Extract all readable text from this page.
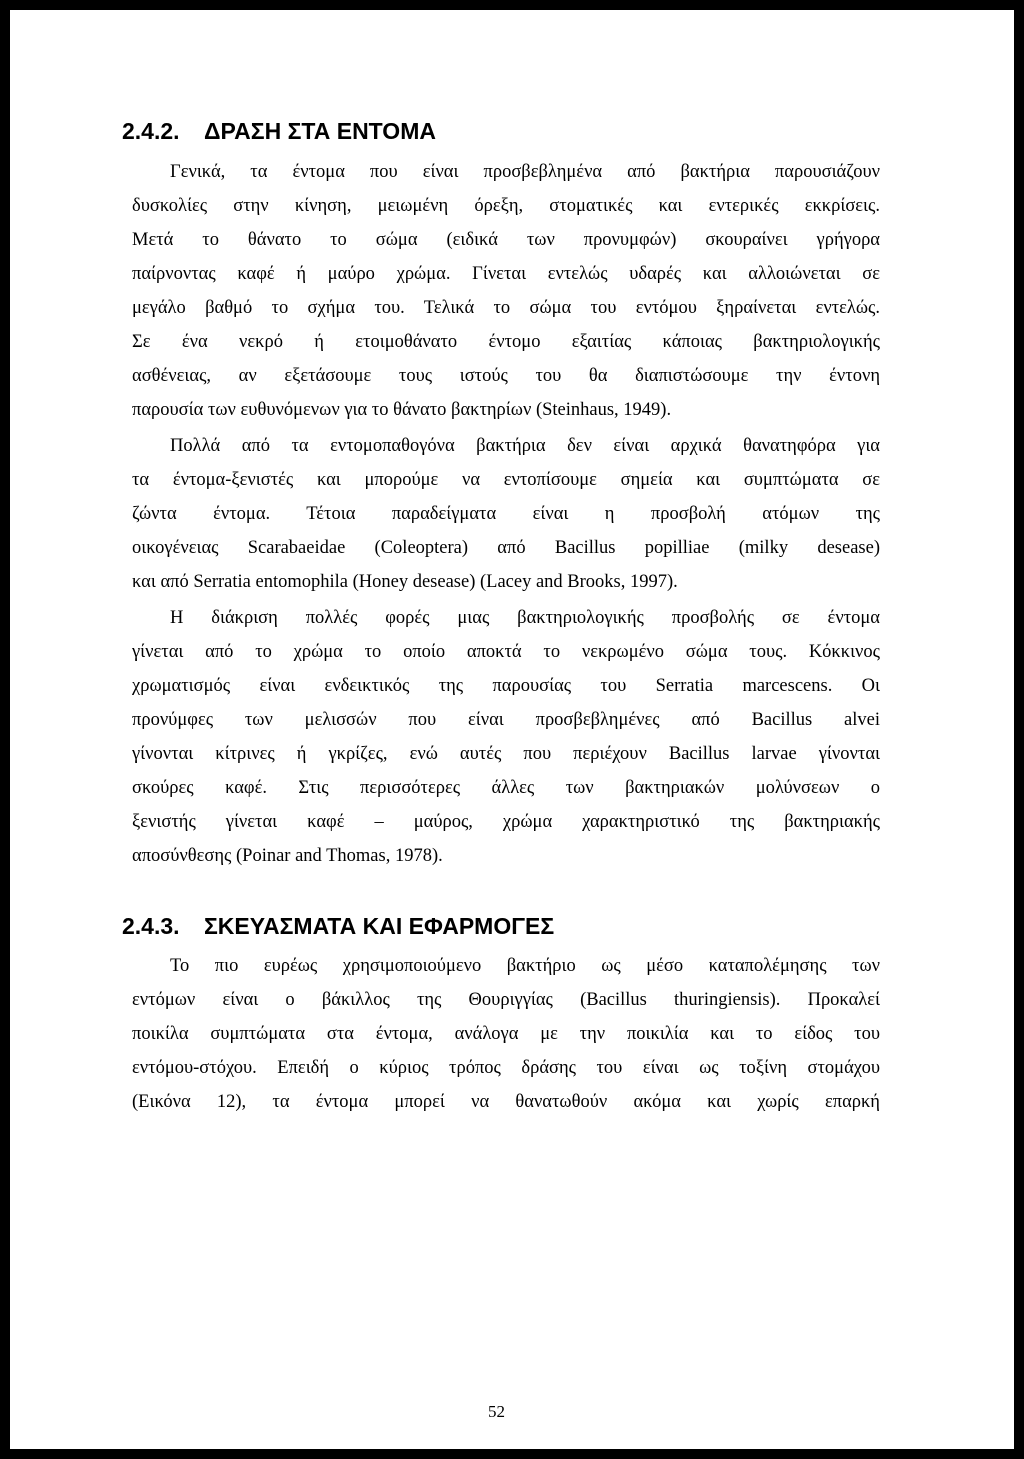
2.4.2. ΔΡΑΣΗ ΣΤΑ ΕΝΤΟΜΑ
Γενικά, τα έντομα που είναι προσβεβλημένα από βακτήρια παρουσιάζουν
δυσκολίες στην κίνηση, μειωμένη όρεξη, στοματικές και εντερικές εκκρίσεις.
Μετά το θάνατο το σώμα (ειδικά των προνυμφών) σκουραίνει γρήγορα
παίρνοντας καφέ ή μαύρο χρώμα. Γίνεται εντελώς υδαρές και αλλοιώνεται σε
μεγάλο βαθμό το σχήμα του. Τελικά το σώμα του εντόμου ξηραίνεται εντελώς.
Σε ένα νεκρό ή ετοιμοθάνατο έντομο εξαιτίας κάποιας βακτηριολογικής
ασθένειας, αν εξετάσουμε τους ιστούς του θα διαπιστώσουμε την έντονη
παρουσία των ευθυνόμενων για το θάνατο βακτηρίων (Steinhaus, 1949).
Πολλά από τα εντομοπαθογόνα βακτήρια δεν είναι αρχικά θανατηφόρα για
τα έντομα-ξενιστές και μπορούμε να εντοπίσουμε σημεία και συμπτώματα σε
ζώντα έντομα. Τέτοια παραδείγματα είναι η προσβολή ατόμων της
οικογένειας Scarabaeidae (Coleoptera) από Bacillus popilliae (milky desease)
και από Serratia entomophila (Honey desease) (Lacey and Brooks, 1997).
Η διάκριση πολλές φορές μιας βακτηριολογικής προσβολής σε έντομα
γίνεται από το χρώμα το οποίο αποκτά το νεκρωμένο σώμα τους. Κόκκινος
χρωματισμός είναι ενδεικτικός της παρουσίας του Serratia marcescens. Οι
προνύμφες των μελισσών που είναι προσβεβλημένες από Bacillus alvei
γίνονται κίτρινες ή γκρίζες, ενώ αυτές που περιέχουν Bacillus larvae γίνονται
σκούρες καφέ. Στις περισσότερες άλλες των βακτηριακών μολύνσεων ο
ξενιστής γίνεται καφέ – μαύρος, χρώμα χαρακτηριστικό της βακτηριακής
αποσύνθεσης (Poinar and Thomas, 1978).
2.4.3. ΣΚΕΥΑΣΜΑΤΑ ΚΑΙ ΕΦΑΡΜΟΓΕΣ
Το πιο ευρέως χρησιμοποιούμενο βακτήριο ως μέσο καταπολέμησης των
εντόμων είναι ο βάκιλλος της Θουριγγίας (Bacillus thuringiensis). Προκαλεί
ποικίλα συμπτώματα στα έντομα, ανάλογα με την ποικιλία και το είδος του
εντόμου-στόχου. Επειδή ο κύριος τρόπος δράσης του είναι ως τοξίνη στομάχου
(Εικόνα 12), τα έντομα μπορεί να θανατωθούν ακόμα και χωρίς επαρκή
52
